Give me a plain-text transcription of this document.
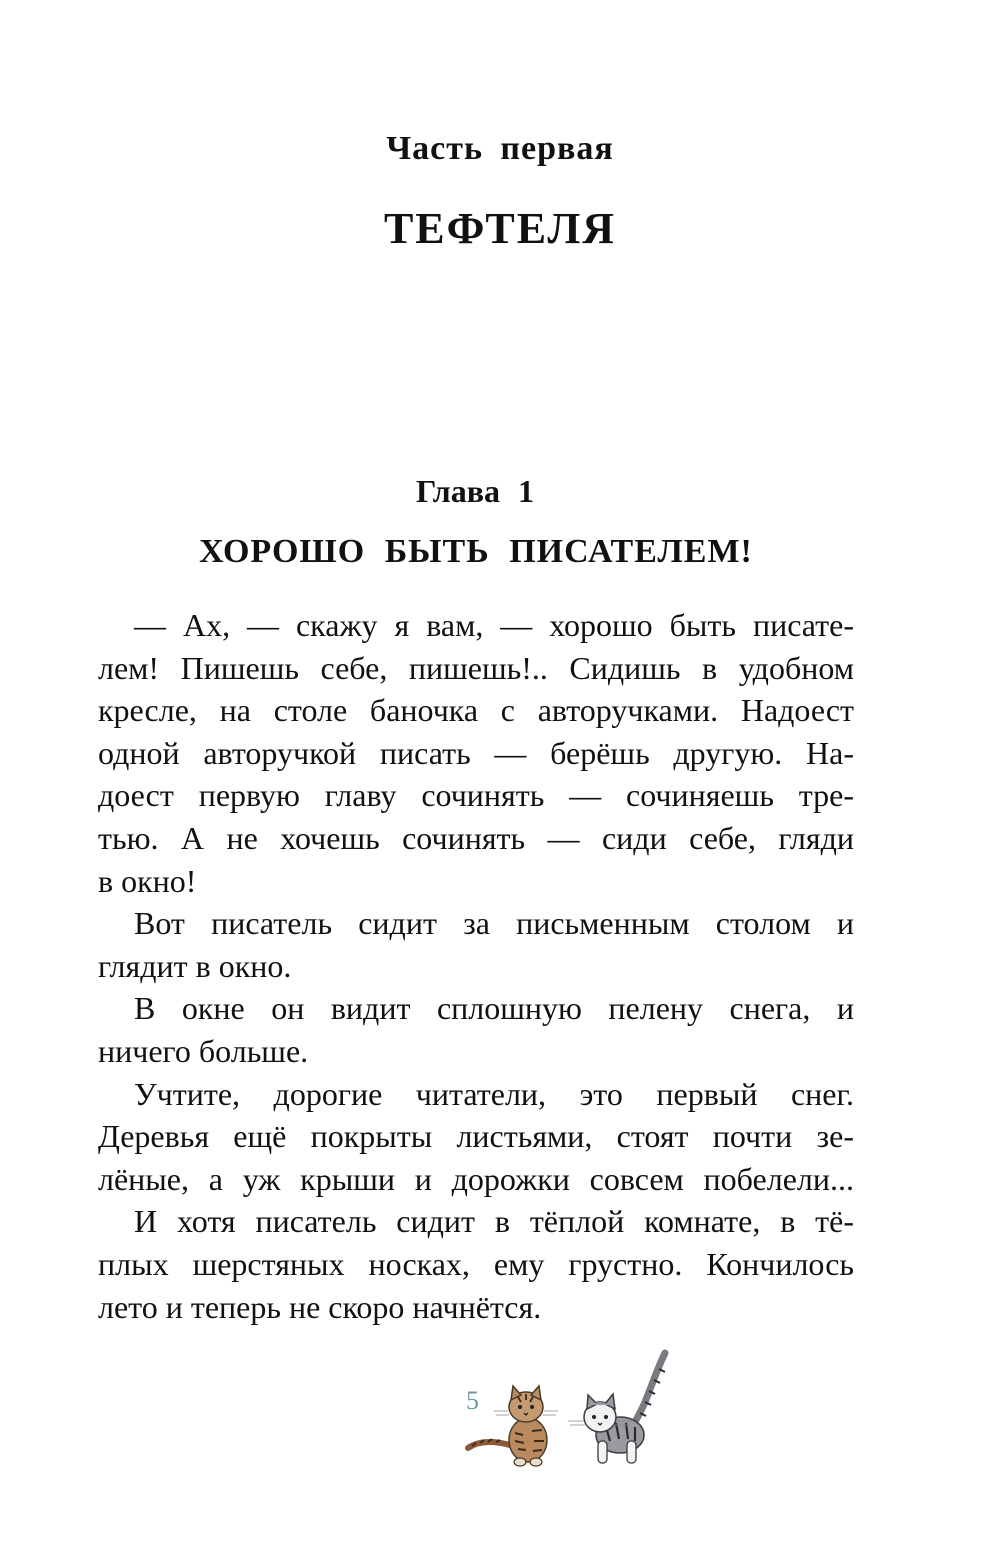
Часть первая
ТЕФТЕЛЯ
Глава 1
ХОРОШО БЫТЬ ПИСАТЕЛЕМ!
— Ах, — скажу я вам, — хорошо быть писате-
лем! Пишешь себе, пишешь!.. Сидишь в удобном
кресле, на столе баночка с авторучками. Надоест
одной авторучкой писать — берёшь другую. На-
доест первую главу сочинять — сочиняешь тре-
тью. А не хочешь сочинять — сиди себе, гляди
в окно!
Вот писатель сидит за письменным столом и
глядит в окно.
В окне он видит сплошную пелену снега, и
ничего больше.
Учтите, дорогие читатели, это первый снег.
Деревья ещё покрыты листьями, стоят почти зе-
лёные, а уж крыши и дорожки совсем побелели...
И хотя писатель сидит в тёплой комнате, в тё-
плых шерстяных носках, ему грустно. Кончилось
лето и теперь не скоро начнётся.
5
